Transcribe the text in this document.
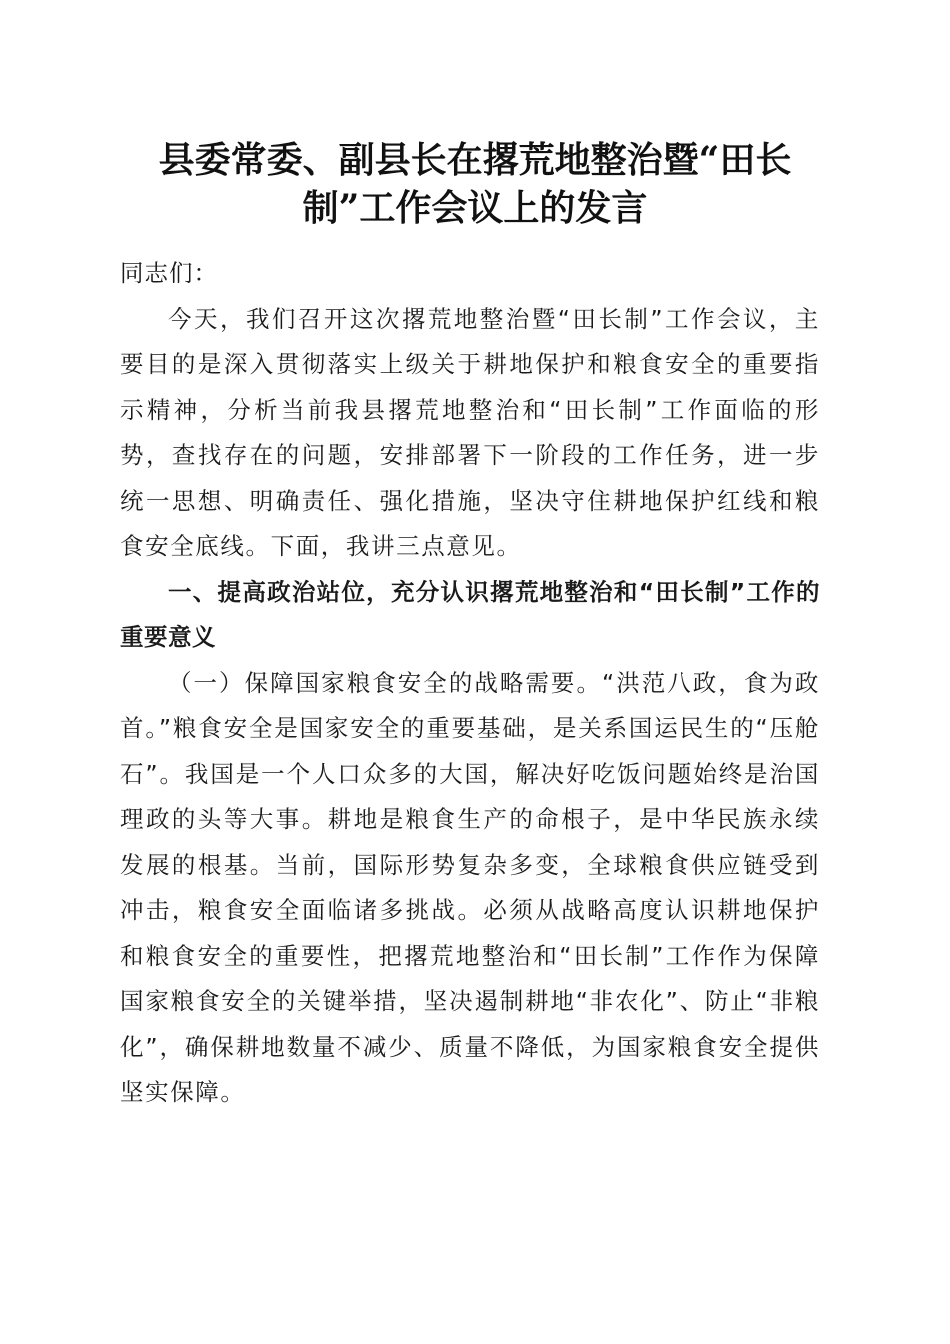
县委常委、副县长在撂荒地整治暨“田长制”工作会议上的发言

同志们：

今天，我们召开这次撂荒地整治暨“田长制”工作会议，主要目的是深入贯彻落实上级关于耕地保护和粮食安全的重要指示精神，分析当前我县撂荒地整治和“田长制”工作面临的形势，查找存在的问题，安排部署下一阶段的工作任务，进一步统一思想、明确责任、强化措施，坚决守住耕地保护红线和粮食安全底线。下面，我讲三点意见。

一、提高政治站位，充分认识撂荒地整治和“田长制”工作的重要意义

（一）保障国家粮食安全的战略需要。“洪范八政，食为政首。”粮食安全是国家安全的重要基础，是关系国运民生的“压舱石”。我国是一个人口众多的大国，解决好吃饭问题始终是治国理政的头等大事。耕地是粮食生产的命根子，是中华民族永续发展的根基。当前，国际形势复杂多变，全球粮食供应链受到冲击，粮食安全面临诸多挑战。必须从战略高度认识耕地保护和粮食安全的重要性，把撂荒地整治和“田长制”工作作为保障国家粮食安全的关键举措，坚决遏制耕地“非农化”、防止“非粮化”，确保耕地数量不减少、质量不降低，为国家粮食安全提供坚实保障。
